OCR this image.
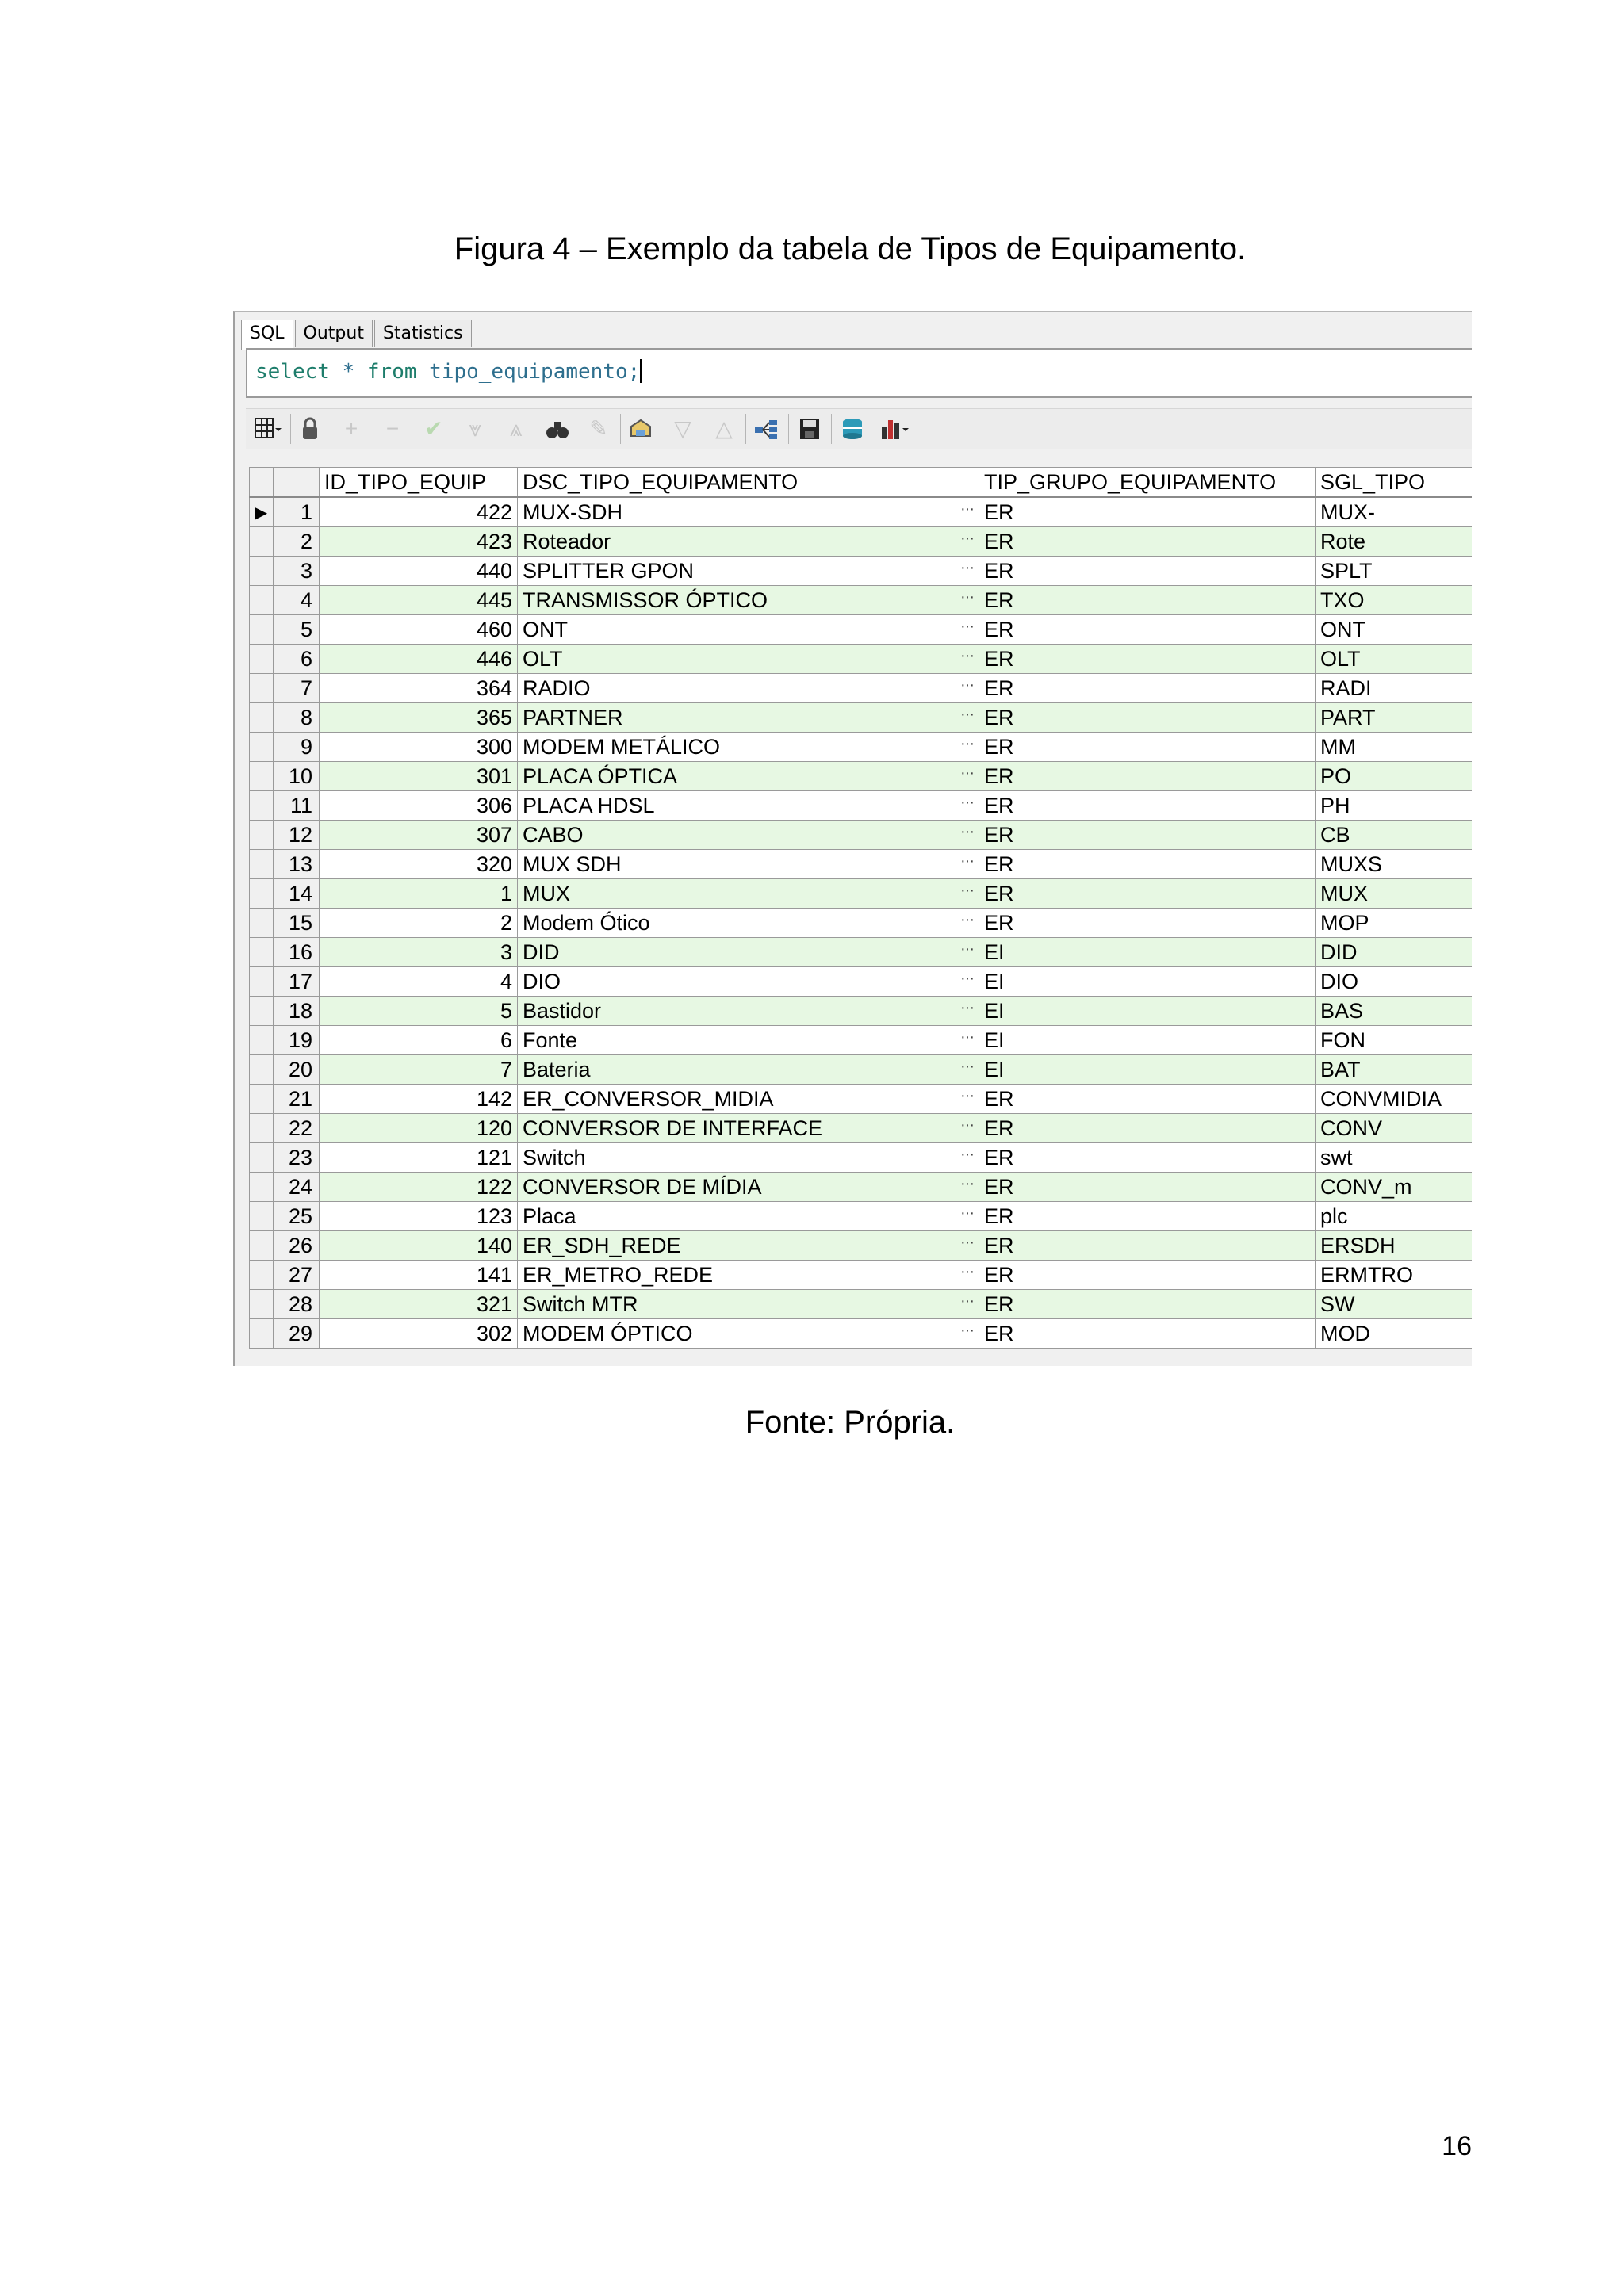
Figura 4 – Exemplo da tabela de Tipos de Equipamento.
SQL	Output	Statistics
select * from tipo_equipamento;
+	−	✔	⩔	⩓	✎	▽ △
		ID_TIPO_EQUIP	DSC_TIPO_EQUIPAMENTO	TIP_GRUPO_EQUIPAMENTO	SGL_TIPO
▶	1	422	MUX-SDH ···	ER	MUX-
	2	423	Roteador ···	ER	Rote
	3	440	SPLITTER GPON ···	ER	SPLT
	4	445	TRANSMISSOR ÓPTICO ···	ER	TXO
	5	460	ONT ···	ER	ONT
	6	446	OLT ···	ER	OLT
	7	364	RADIO ···	ER	RADI
	8	365	PARTNER ···	ER	PART
	9	300	MODEM METÁLICO ···	ER	MM
	10	301	PLACA ÓPTICA ···	ER	PO
	11	306	PLACA HDSL ···	ER	PH
	12	307	CABO ···	ER	CB
	13	320	MUX SDH ···	ER	MUXS
	14	1	MUX ···	ER	MUX
	15	2	Modem Ótico ···	ER	MOP
	16	3	DID ···	EI	DID
	17	4	DIO ···	EI	DIO
	18	5	Bastidor ···	EI	BAS
	19	6	Fonte ···	EI	FON
	20	7	Bateria ···	EI	BAT
	21	142	ER_CONVERSOR_MIDIA ···	ER	CONVMIDIA
	22	120	CONVERSOR DE INTERFACE ···	ER	CONV
	23	121	Switch ···	ER	swt
	24	122	CONVERSOR DE MÍDIA ···	ER	CONV_m
	25	123	Placa ···	ER	plc
	26	140	ER_SDH_REDE ···	ER	ERSDH
	27	141	ER_METRO_REDE ···	ER	ERMTRO
	28	321	Switch MTR ···	ER	SW
	29	302	MODEM ÓPTICO ···	ER	MOD
Fonte: Própria.
16
